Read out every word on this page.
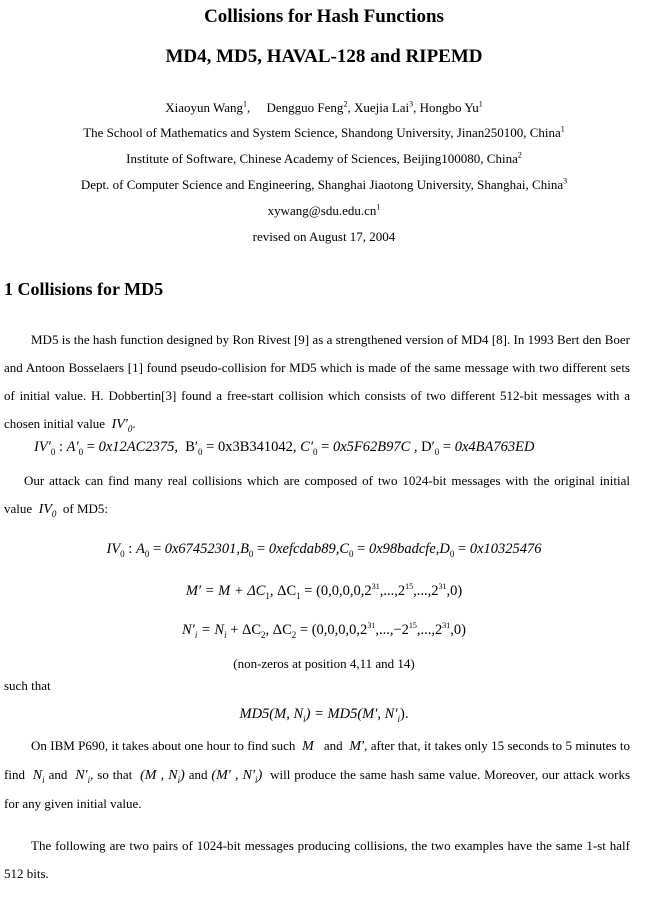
Collisions for Hash Functions
MD4, MD5, HAVAL-128 and RIPEMD
Xiaoyun Wang$^1$,     Dengguo Feng$^2$, Xuejia Lai$^3$, Hongbo Yu$^1$
The School of Mathematics and System Science, Shandong University, Jinan250100, China$^1$
Institute of Software, Chinese Academy of Sciences, Beijing100080, China$^2$
Dept. of Computer Science and Engineering, Shanghai Jiaotong University, Shanghai, China$^3$
$xywang@sdu.edu.cn^1$
revised on August 17, 2004
1 Collisions for MD5
MD5 is the hash function designed by Ron Rivest [9] as a strengthened version of MD4 [8]. In 1993 Bert den Boer and Antoon Bosselaers [1] found pseudo-collision for MD5 which is made of the same message with two different sets of initial value. H. Dobbertin[3] found a free-start collision which consists of two different 512-bit messages with a chosen initial value $IV'_0$.
$IV'_0$ : $A'_0 = 0x12AC2375$, $B'_0 = 0x3B341042$, $C'_0 = 0x5F62B97C$ , $D'_0 = 0x4BA763ED$
Our attack can find many real collisions which are composed of two 1024-bit messages with the original initial value $IV_0$ of MD5:
$IV_0$ : $A_0 = 0x67452301,B_0$ = $0xefcdab89,C_0$ = $0x98badcfe,D_0 = 0x10325476$
$M' = M + \Delta C_1$, $\Delta C_1 = (0,0,0,0,2^{31},...,2^{15},...,2^{31},0)$
$N'_i = N_i + \Delta C_2$, $\Delta C_2 = (0,0,0,0,2^{31},...,-2^{15},...,2^{31},0)$
(non-zeros at position 4,11 and 14)
such that
MD5(M, $N_i) = MD5(M'$, $N'_i$).
On IBM P690, it takes about one hour to find such M and M′, after that, it takes only 15 seconds to 5 minutes to find $N_i$ and $N'_i$, so that (M , $N_i$) and (M′ , $N'_i$) will produce the same hash same value. Moreover, our attack works for any given initial value.
The following are two pairs of 1024-bit messages producing collisions, the two examples have the same 1-st half 512 bits.
